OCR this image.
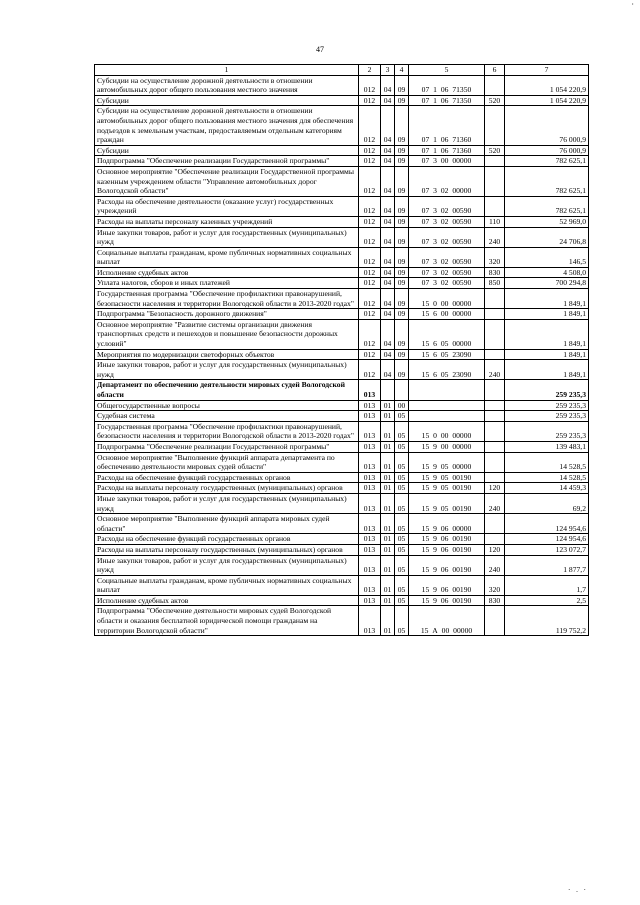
·
47
1	2	3	4	5	6	7
Субсидии на осуществление дорожной деятельности в отношении автомобильных дорог общего пользования местного значения	012	04	09	07 1 06 71350		1 054 220,9
Субсидии	012	04	09	07 1 06 71350	520	1 054 220,9
Субсидии на осуществление дорожной деятельности в отношении автомобильных дорог общего пользования местного значения для обеспечения подъездов к земельным участкам, предоставляемым отдельным категориям граждан	012	04	09	07 1 06 71360		76 000,9
Субсидии	012	04	09	07 1 06 71360	520	76 000,9
Подпрограмма "Обеспечение реализации Государственной программы"	012	04	09	07 3 00 00000		782 625,1
Основное мероприятие "Обеспечение реализации Государственной программы казенным учреждением области "Управление автомобильных дорог Вологодской области"	012	04	09	07 3 02 00000		782 625,1
Расходы на обеспечение деятельности (оказание услуг) государственных учреждений	012	04	09	07 3 02 00590		782 625,1
Расходы на выплаты персоналу казенных учреждений	012	04	09	07 3 02 00590	110	52 969,0
Иные закупки товаров, работ и услуг для государственных (муниципальных) нужд	012	04	09	07 3 02 00590	240	24 706,8
Социальные выплаты гражданам, кроме публичных нормативных социальных выплат	012	04	09	07 3 02 00590	320	146,5
Исполнение судебных актов	012	04	09	07 3 02 00590	830	4 508,0
Уплата налогов, сборов и иных платежей	012	04	09	07 3 02 00590	850	700 294,8
Государственная программа "Обеспечение профилактики правонарушений, безопасности населения и территории Вологодской области в 2013-2020 годах"	012	04	09	15 0 00 00000		1 849,1
Подпрограмма "Безопасность дорожного движения"	012	04	09	15 6 00 00000		1 849,1
Основное мероприятие "Развитие системы организации движения транспортных средств и пешеходов и повышение безопасности дорожных условий"	012	04	09	15 6 05 00000		1 849,1
Мероприятия по модернизации светофорных объектов	012	04	09	15 6 05 23090		1 849,1
Иные закупки товаров, работ и услуг для государственных (муниципальных) нужд	012	04	09	15 6 05 23090	240	1 849,1
Департамент по обеспечению деятельности мировых судей Вологодской области	013					259 235,3
Общегосударственные вопросы	013	01	00			259 235,3
Судебная система	013	01	05			259 235,3
Государственная программа "Обеспечение профилактики правонарушений, безопасности населения и территории Вологодской области в 2013-2020 годах"	013	01	05	15 0 00 00000		259 235,3
Подпрограмма "Обеспечение реализации Государственной программы"	013	01	05	15 9 00 00000		139 483,1
Основное мероприятие "Выполнение функций аппарата департамента по обеспечению деятельности мировых судей области"	013	01	05	15 9 05 00000		14 528,5
Расходы на обеспечение функций государственных органов	013	01	05	15 9 05 00190		14 528,5
Расходы на выплаты персоналу государственных (муниципальных) органов	013	01	05	15 9 05 00190	120	14 459,3
Иные закупки товаров, работ и услуг для государственных (муниципальных) нужд	013	01	05	15 9 05 00190	240	69,2
Основное мероприятие "Выполнение функций аппарата мировых судей области"	013	01	05	15 9 06 00000		124 954,6
Расходы на обеспечение функций государственных органов	013	01	05	15 9 06 00190		124 954,6
Расходы на выплаты персоналу государственных (муниципальных) органов	013	01	05	15 9 06 00190	120	123 072,7
Иные закупки товаров, работ и услуг для государственных (муниципальных) нужд	013	01	05	15 9 06 00190	240	1 877,7
Социальные выплаты гражданам, кроме публичных нормативных социальных выплат	013	01	05	15 9 06 00190	320	1,7
Исполнение судебных актов	013	01	05	15 9 06 00190	830	2,5
Подпрограмма "Обеспечение деятельности мировых судей Вологодской области и оказания бесплатной юридической помощи гражданам на территории Вологодской области"	013	01	05	15 А 00 00000		119 752,2
· . ·
